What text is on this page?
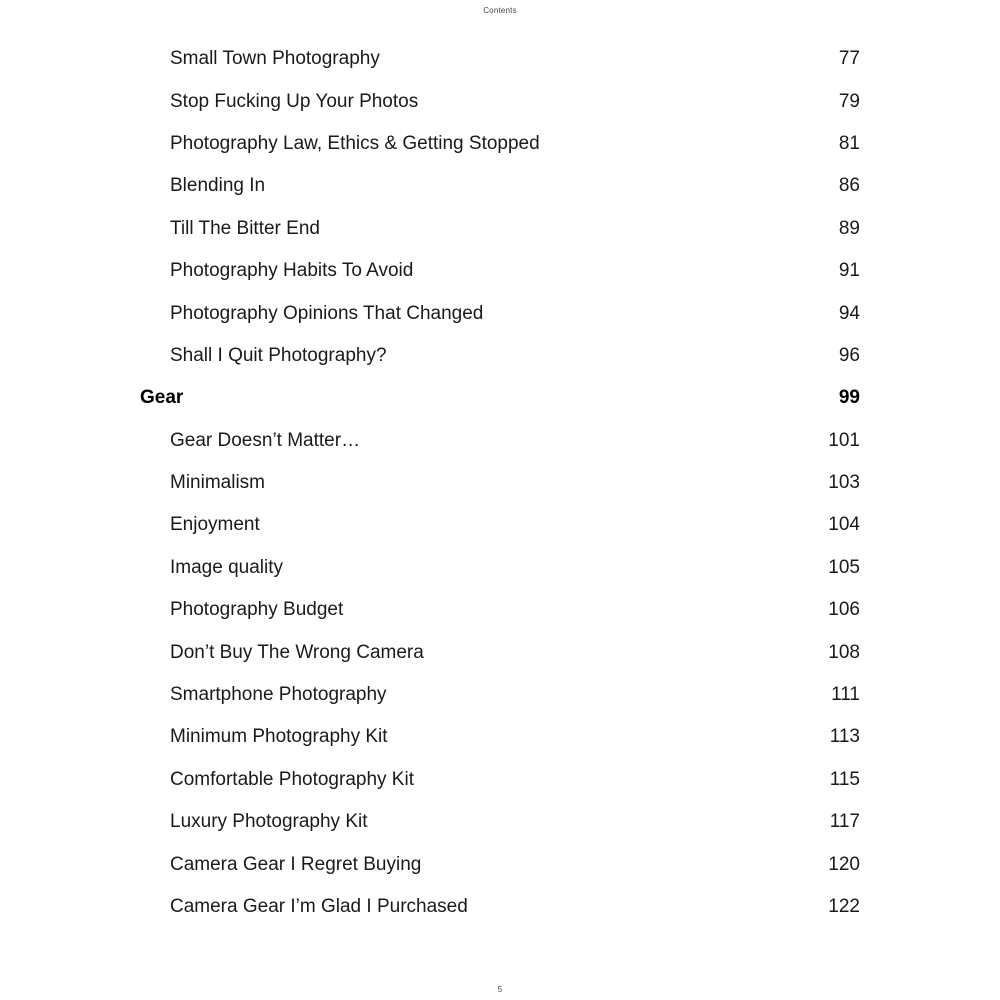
Contents
Small Town Photography	77
Stop Fucking Up Your Photos	79
Photography Law, Ethics & Getting Stopped	81
Blending In	86
Till The Bitter End	89
Photography Habits To Avoid	91
Photography Opinions That Changed	94
Shall I Quit Photography?	96
Gear	99
Gear Doesn’t Matter…	101
Minimalism	103
Enjoyment	104
Image quality	105
Photography Budget	106
Don’t Buy The Wrong Camera	108
Smartphone Photography	111
Minimum Photography Kit	113
Comfortable Photography Kit	115
Luxury Photography Kit	117
Camera Gear I Regret Buying	120
Camera Gear I’m Glad I Purchased	122
5
